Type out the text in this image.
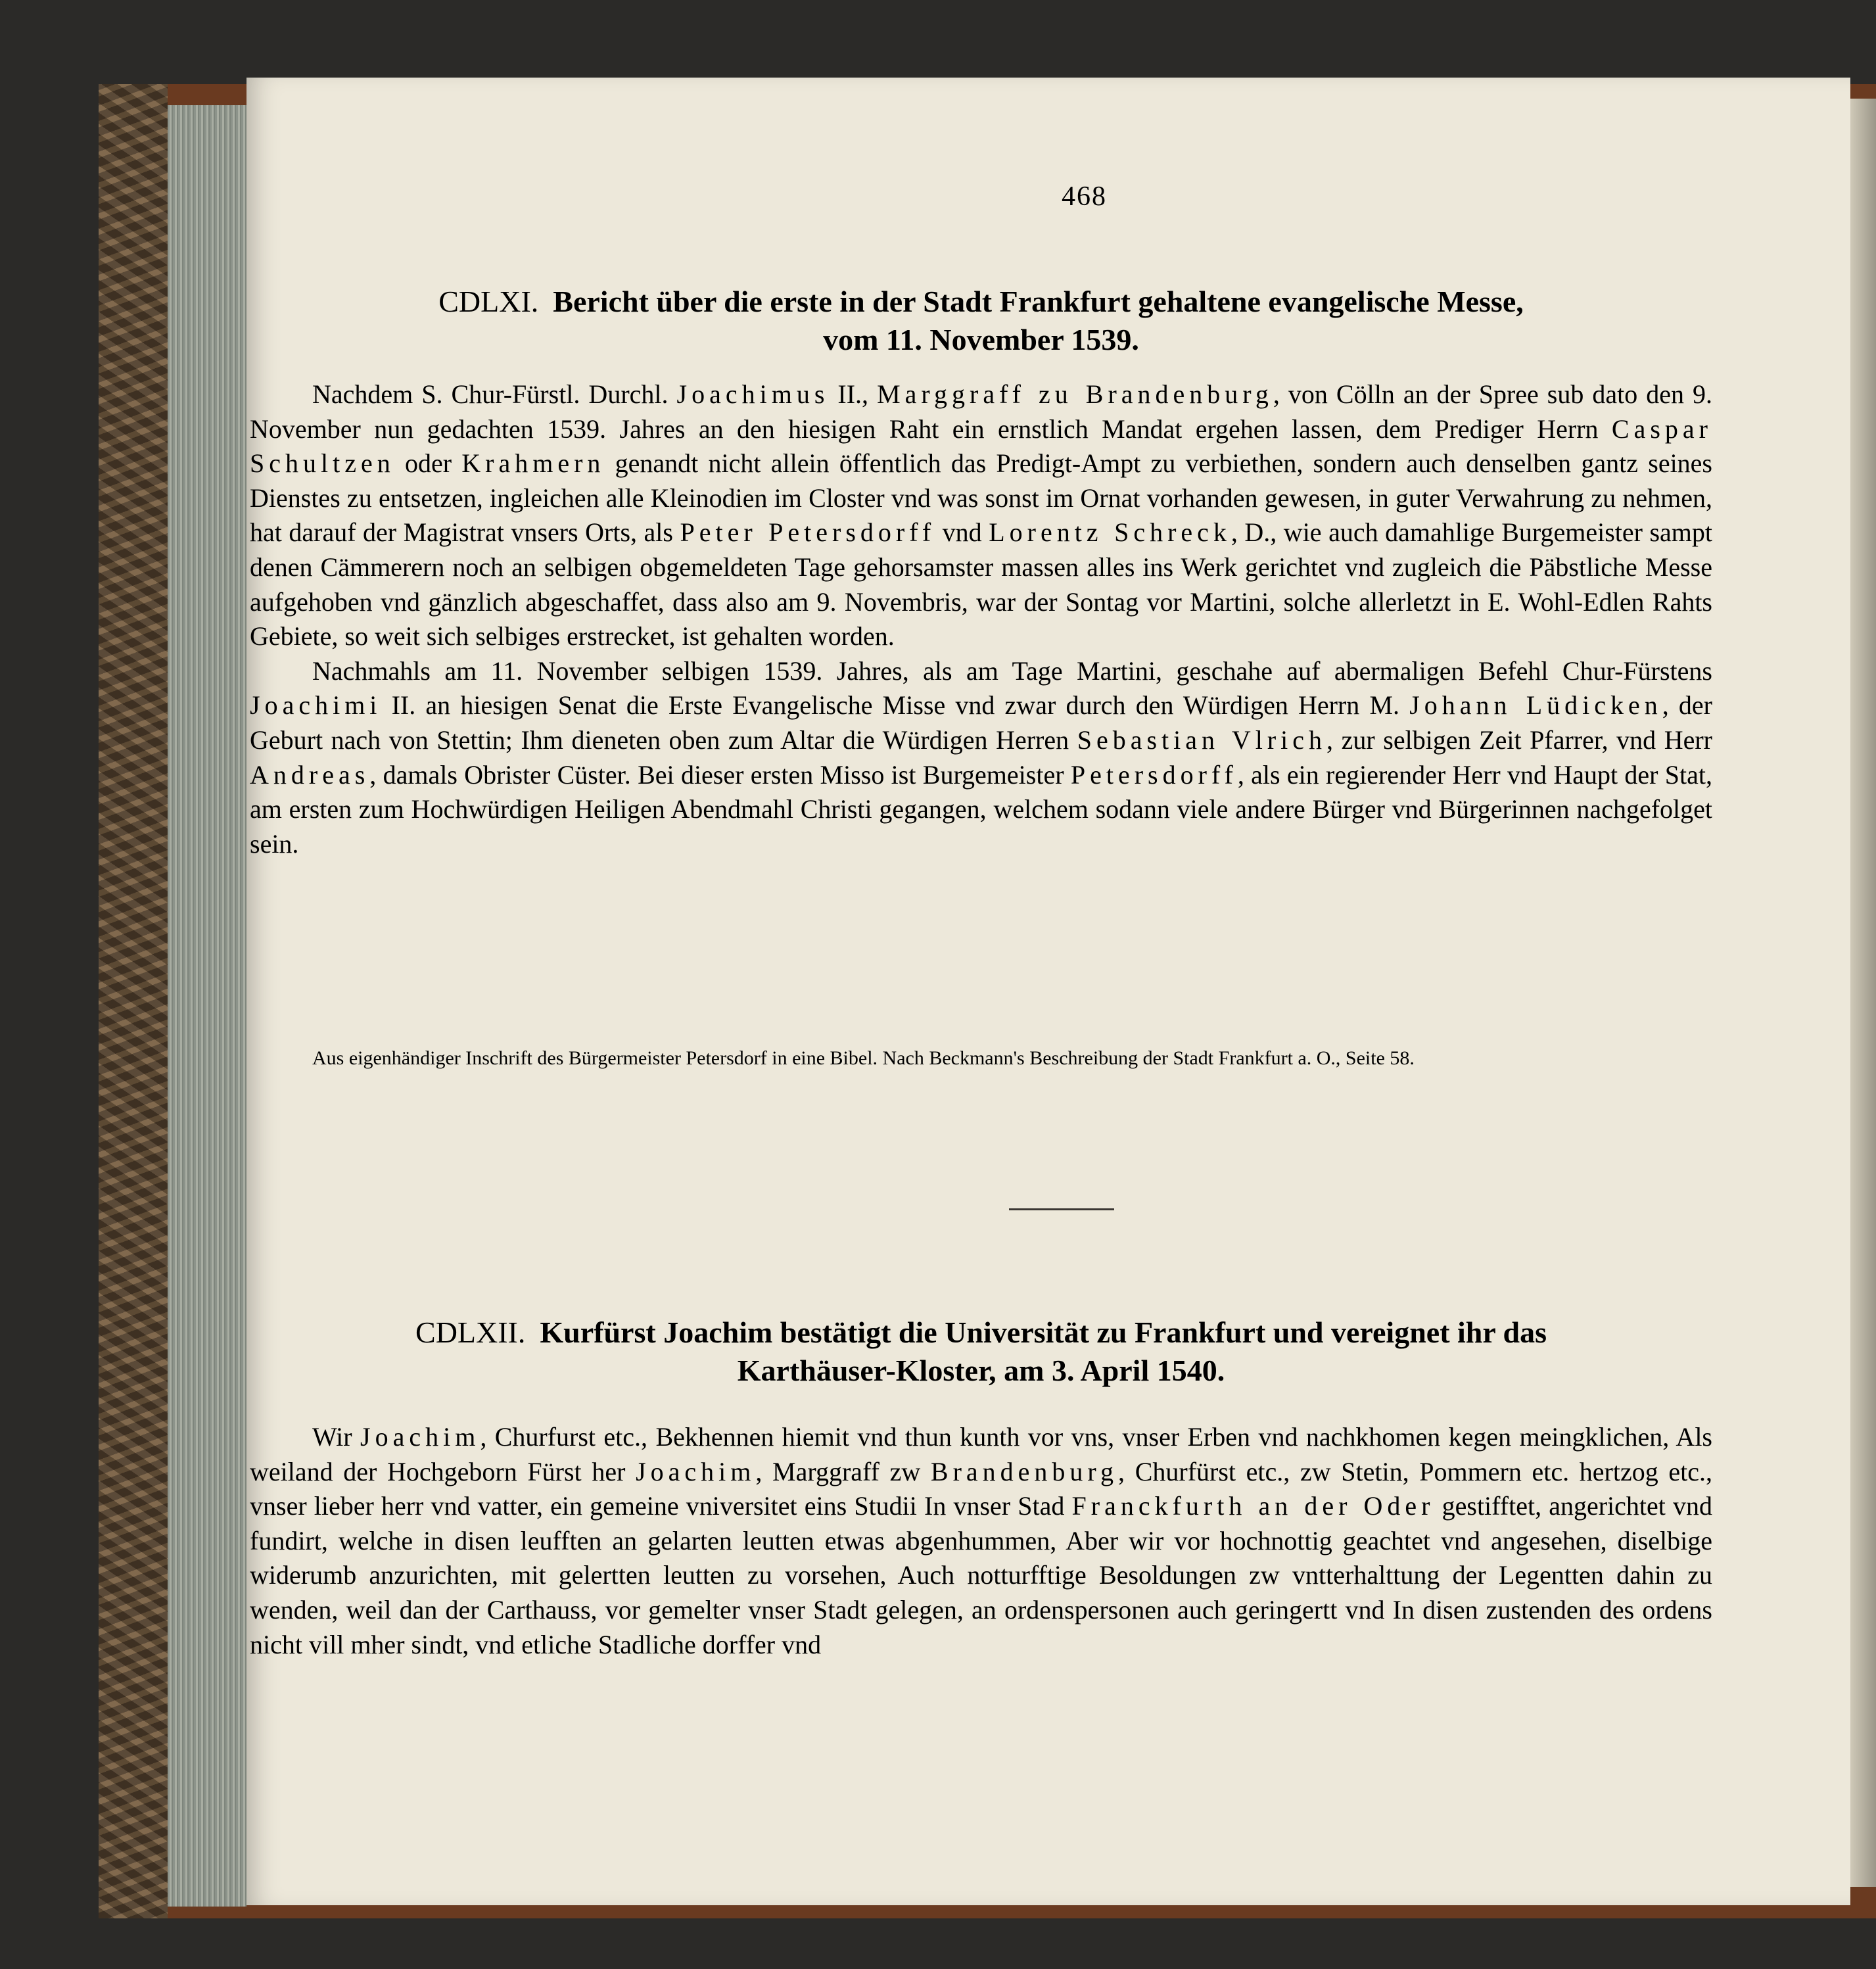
468
CDLXI. Bericht über die erste in der Stadt Frankfurt gehaltene evangelische Messe,
vom 11. November 1539.

Nachdem S. Chur-Fürstl. Durchl. Joachimus II., Marggraff zu Brandenburg, von Cölln an der Spree sub dato den 9. November nun gedachten 1539. Jahres an den hiesigen Raht ein ernstlich Mandat ergehen lassen, dem Prediger Herrn Caspar Schultzen oder Krahmern genandt nicht allein öffentlich das Predigt-Ampt zu verbiethen, sondern auch denselben gantz seines Dienstes zu entsetzen, ingleichen alle Kleinodien im Closter vnd was sonst im Ornat vorhanden gewesen, in guter Verwahrung zu nehmen, hat darauf der Magistrat vnsers Orts, als Peter Petersdorff vnd Lorentz Schreck, D., wie auch damahlige Burgemeister sampt denen Cämmerern noch an selbigen obgemeldeten Tage gehorsamster massen alles ins Werk gerichtet vnd zugleich die Päbstliche Messe aufgehoben vnd gänzlich abgeschaffet, dass also am 9. Novembris, war der Sontag vor Martini, solche allerletzt in E. Wohl-Edlen Rahts Gebiete, so weit sich selbiges erstrecket, ist gehalten worden.

Nachmahls am 11. November selbigen 1539. Jahres, als am Tage Martini, geschahe auf abermaligen Befehl Chur-Fürstens Joachimi II. an hiesigen Senat die Erste Evangelische Misse vnd zwar durch den Würdigen Herrn M. Johann Lüdicken, der Geburt nach von Stettin; Ihm dieneten oben zum Altar die Würdigen Herren Sebastian Vlrich, zur selbigen Zeit Pfarrer, vnd Herr Andreas, damals Obrister Cüster. Bei dieser ersten Misso ist Burgemeister Petersdorff, als ein regierender Herr vnd Haupt der Stat, am ersten zum Hochwürdigen Heiligen Abendmahl Christi gegangen, welchem sodann viele andere Bürger vnd Bürgerinnen nachgefolget sein.

Aus eigenhändiger Inschrift des Bürgermeister Petersdorf in eine Bibel. Nach Beckmann's Beschreibung der Stadt Frankfurt a. O., Seite 58.
CDLXII. Kurfürst Joachim bestätigt die Universität zu Frankfurt und vereignet ihr das
Karthäuser-Kloster, am 3. April 1540.

Wir Joachim, Churfurst etc., Bekhennen hiemit vnd thun kunth vor vns, vnser Erben vnd nachkhomen kegen meingklichen, Als weiland der Hochgeborn Fürst her Joachim, Marggraff zw Brandenburg, Churfürst etc., zw Stetin, Pommern etc. hertzog etc., vnser lieber herr vnd vatter, ein gemeine vniversitet eins Studii In vnser Stad Franckfurth an der Oder gestifftet, angerichtet vnd fundirt, welche in disen leufften an gelarten leutten etwas abgenhummen, Aber wir vor hochnottig geachtet vnd angesehen, diselbige widerumb anzurichten, mit gelertten leutten zu vorsehen, Auch notturfftige Besoldungen zw vntterhalttung der Legentten dahin zu wenden, weil dan der Carthauss, vor gemelter vnser Stadt gelegen, an ordenspersonen auch geringertt vnd In disen zustenden des ordens nicht vill mher sindt, vnd etliche Stadliche dorffer vnd
